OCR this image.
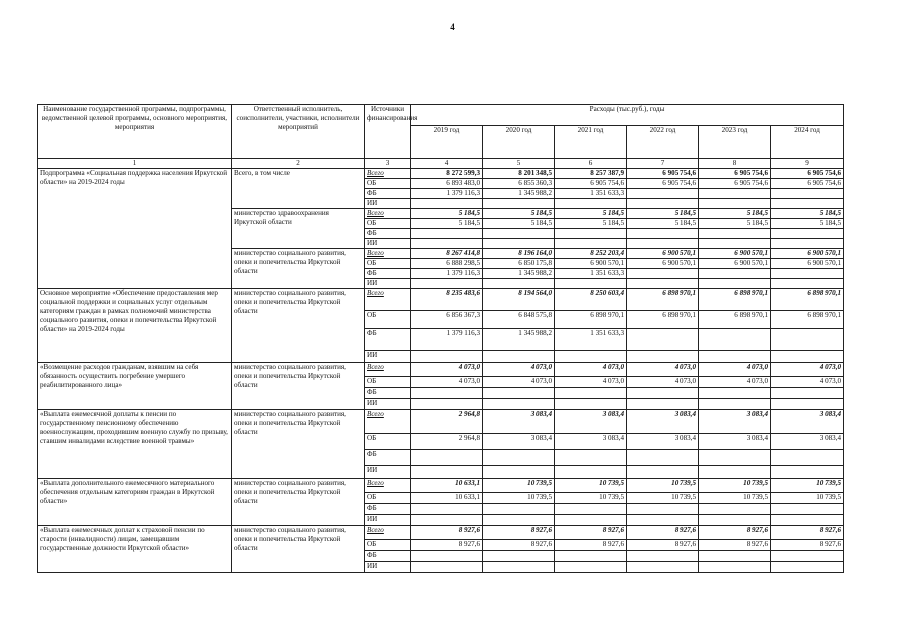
4
Наименование государственной программы, подпрограммы, ведомственной целевой программы, основного мероприятия, мероприятия	Ответственный исполнитель, соисполнители, участники, исполнители мероприятий	Источники финансирования	Расходы (тыс.руб.), годы					
			2019 год	2020 год	2021 год	2022 год	2023 год	2024 год
1	2	3	4	5	6	7	8	9
Подпрограмма «Социальная поддержка населения Иркутской области» на 2019-2024 годы	Всего, в том числе	Всего	8 272 599,3	8 201 348,5	8 257 387,9	6 905 754,6	6 905 754,6	6 905 754,6
		ОБ	6 893 483,0	6 855 360,3	6 905 754,6	6 905 754,6	6 905 754,6	6 905 754,6
		ФБ	1 379 116,3	1 345 988,2	1 351 633,3			
		ИИ						
	министерство здравоохранения Иркутской области	Всего	5 184,5	5 184,5	5 184,5	5 184,5	5 184,5	5 184,5
		ОБ	5 184,5	5 184,5	5 184,5	5 184,5	5 184,5	5 184,5
		ФБ						
		ИИ						
	министерство социального развития, опеки и попечительства Иркутской области	Всего	8 267 414,8	8 196 164,0	8 252 203,4	6 900 570,1	6 900 570,1	6 900 570,1
		ОБ	6 888 298,5	6 850 175,8	6 900 570,1	6 900 570,1	6 900 570,1	6 900 570,1
		ФБ	1 379 116,3	1 345 988,2	1 351 633,3			
		ИИ						
Основное мероприятие «Обеспечение предоставления мер социальной поддержки и социальных услуг отдельным категориям граждан в рамках полномочий министерства социального развития, опеки и попечительства Иркутской области» на 2019-2024 годы	министерство социального развития, опеки и попечительства Иркутской области	Всего	8 235 483,6	8 194 564,0	8 250 603,4	6 898 970,1	6 898 970,1	6 898 970,1
		ОБ	6 856 367,3	6 848 575,8	6 898 970,1	6 898 970,1	6 898 970,1	6 898 970,1
		ФБ	1 379 116,3	1 345 988,2	1 351 633,3			
		ИИ						
«Возмещение расходов гражданам, взявшим на себя обязанность осуществить погребение умершего реабилитированного лица»	министерство социального развития, опеки и попечительства Иркутской области	Всего	4 073,0	4 073,0	4 073,0	4 073,0	4 073,0	4 073,0
		ОБ	4 073,0	4 073,0	4 073,0	4 073,0	4 073,0	4 073,0
		ФБ						
		ИИ						
«Выплата ежемесячной доплаты к пенсии по государственному пенсионному обеспечению военнослужащим, проходившим военную службу по призыву, ставшим инвалидами вследствие военной травмы»	министерство социального развития, опеки и попечительства Иркутской области	Всего	2 964,8	3 083,4	3 083,4	3 083,4	3 083,4	3 083,4
		ОБ	2 964,8	3 083,4	3 083,4	3 083,4	3 083,4	3 083,4
		ФБ						
		ИИ						
«Выплата дополнительного ежемесячного материального обеспечения отдельным категориям граждан в Иркутской области»	министерство социального развития, опеки и попечительства Иркутской области	Всего	10 633,1	10 739,5	10 739,5	10 739,5	10 739,5	10 739,5
		ОБ	10 633,1	10 739,5	10 739,5	10 739,5	10 739,5	10 739,5
		ФБ						
		ИИ						
«Выплата ежемесячных доплат к страховой пенсии по старости (инвалидности) лицам, замещавшим государственные должности Иркутской области»	министерство социального развития, опеки и попечительства Иркутской области	Всего	8 927,6	8 927,6	8 927,6	8 927,6	8 927,6	8 927,6
		ОБ	8 927,6	8 927,6	8 927,6	8 927,6	8 927,6	8 927,6
		ФБ						
		ИИ						
